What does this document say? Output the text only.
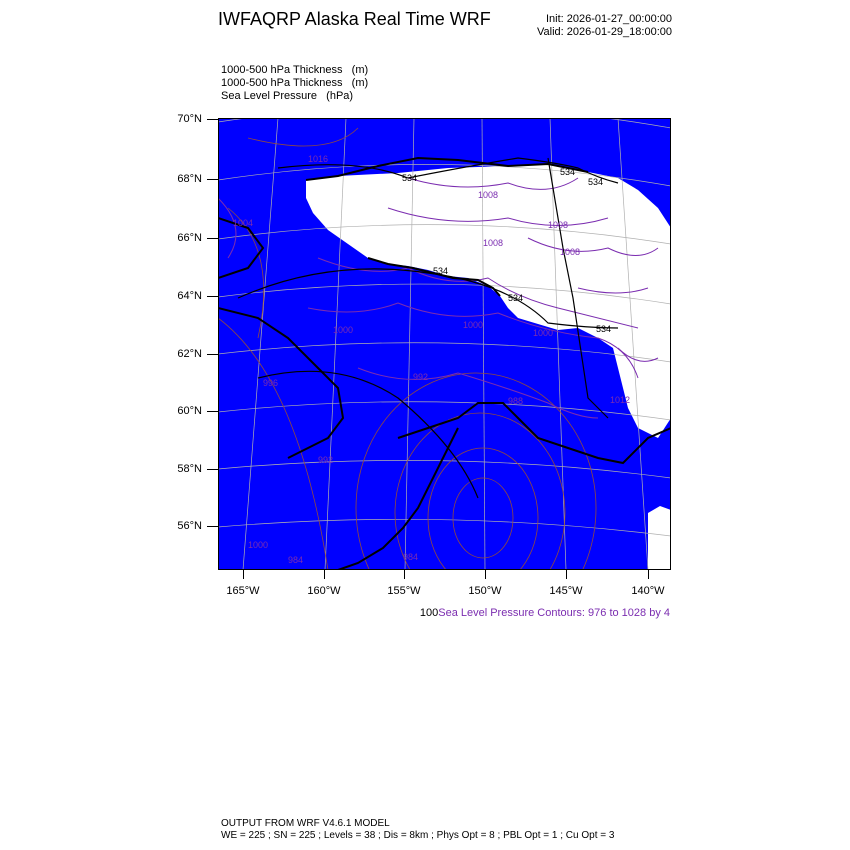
IWFAQRP Alaska Real Time WRF	Init: 2026-01-27_00:00:00
Valid: 2026-01-29_18:00:00
1000-500 hPa Thickness   (m)
1000-500 hPa Thickness   (m)
Sea Level Pressure   (hPa)
1016
1008
1008
1008
1008
1004
1000	1000
1000
1000
996
992
992
988
984
984
1012
534
534
534
534
534
534
70°N
68°N
66°N
64°N
62°N
60°N
58°N
56°N
165°W	160°W	155°W	150°W	145°W	140°W
100Sea Level Pressure Contours: 976 to 1028 by 4
OUTPUT FROM WRF V4.6.1 MODEL
WE = 225 ; SN = 225 ; Levels = 38 ; Dis = 8km ; Phys Opt = 8 ; PBL Opt = 1 ; Cu Opt = 3
